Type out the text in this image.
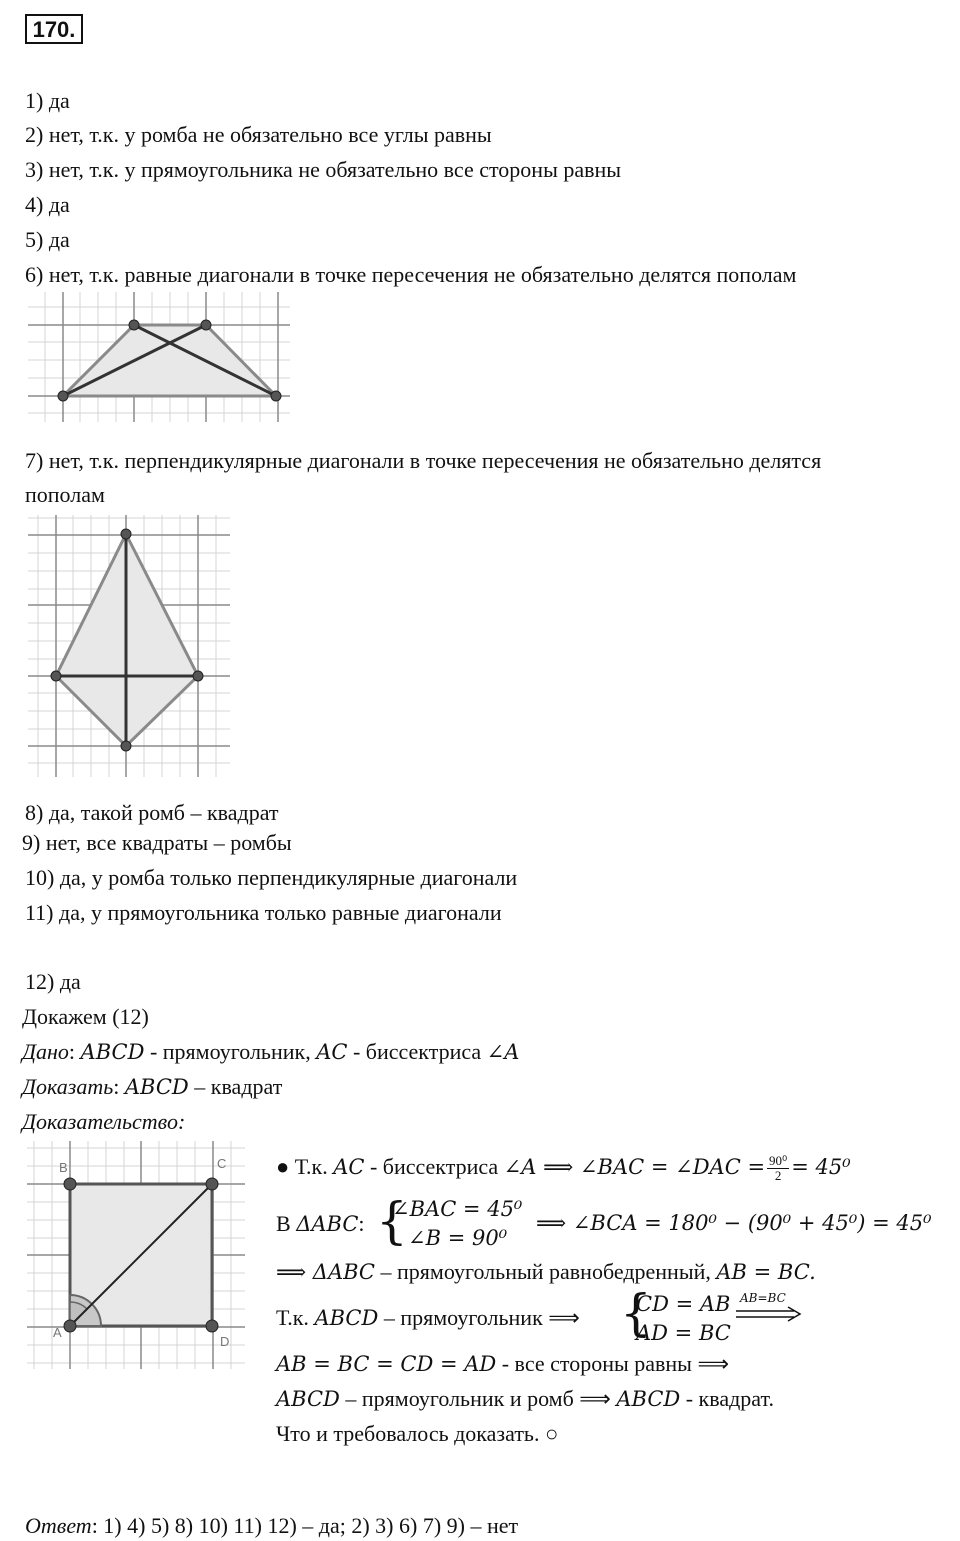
170.
1) да
2) нет, т.к. у ромба не обязательно все углы равны
3) нет, т.к. у прямоугольника не обязательно все стороны равны
4) да
5) да
6) нет, т.к. равные диагонали в точке пересечения не обязательно делятся пополам
7) нет, т.к. перпендикулярные диагонали в точке пересечения не обязательно делятся
пополам
8) да, такой ромб – квадрат
9) нет, все квадраты – ромбы
10) да, у ромба только перпендикулярные диагонали
11) да, у прямоугольника только равные диагонали
12) да
Докажем (12)
Дано: ABCD - прямоугольник, AC - биссектриса ∠A
Доказать: ABCD – квадрат
Доказательство:
B	C
A
D
● Т.к. AC - биссектриса ∠A ⟹ ∠BAC = ∠DAC = $\frac{\text{90⁰}}{2} = 45^0$
В ΔABC: {
∠BAC = 45⁰
∠B = 90⁰
⟹ ∠BCA = 180⁰ − (90⁰ + 45⁰) = 45⁰
⟹ ΔABC – прямоугольный равнобедренный, AB = BC.
Т.к. ABCD – прямоугольник ⟹ {
CD = AB
AD = BC
AB=BC
AB = BC = CD = AD - все стороны равны ⟹
ABCD – прямоугольник и ромб ⟹ ABCD - квадрат.
Что и требовалось доказать. ○
Ответ: 1) 4) 5) 8) 10) 11) 12) – да; 2) 3) 6) 7) 9) – нет
